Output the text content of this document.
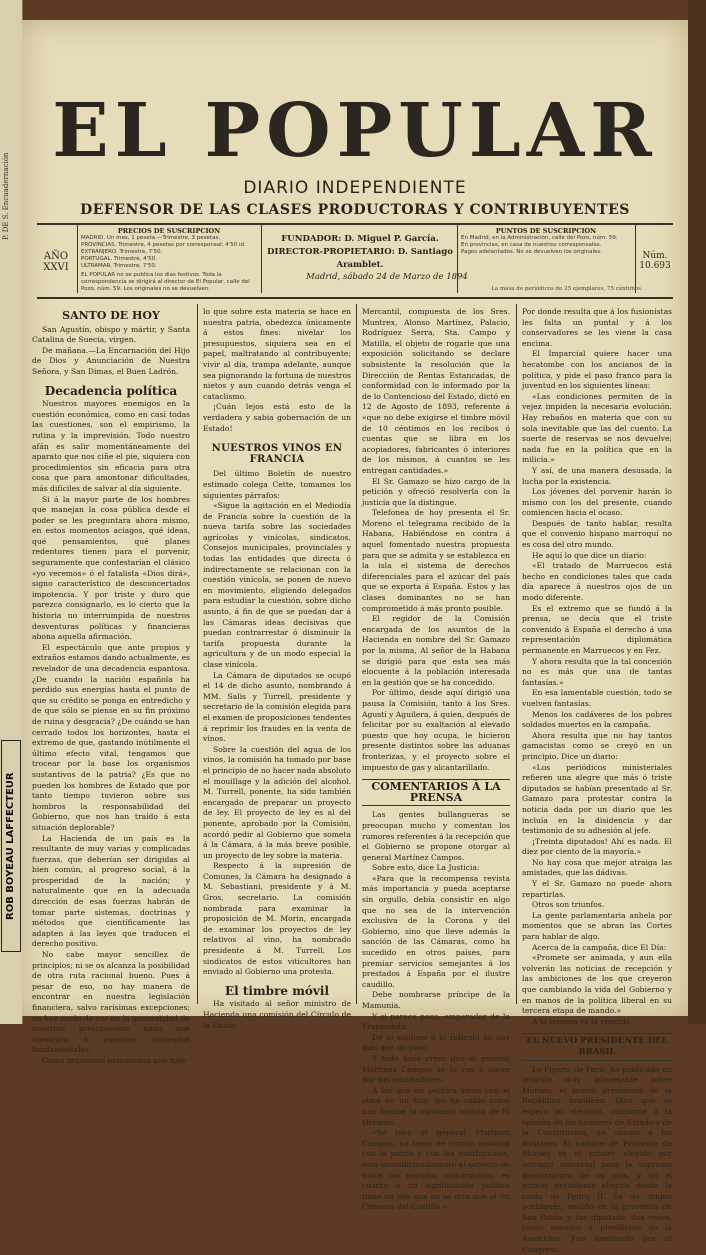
P. DE S. Encuadernación
ROB BOYEAU LAFFECTEUR
EL POPULAR
DIARIO INDEPENDIENTE
DEFENSOR DE LAS CLASES PRODUCTORAS Y CONTRIBUYENTES
AÑO XXVI
PRECIOS DE SUSCRIPCION
MADRID. Un mes, 1 peseta.—Trimestre, 3 pesetas.
PROVINCIAS. Trimestre, 4 pesetas por corresponsal; 4'50 id.
EXTRANJERO. Trimestre, 7'50.
PORTUGAL. Trimestre, 4'50.
ULTRAMAR. Trimestre, 7'50.
EL POPULAR no se publica los días festivos. Toda la correspondencia se dirigirá al director de El Popular, calle del Pozo, núm. 59. Los originales no se devuelven.
FUNDADOR: D. Miguel P. García.
DIRECTOR-PROPIETARIO: D. Santiago Aramblet.
PUNTOS DE SUSCRIPCION
En Madrid, en la Administración, calle del Pozo, núm. 59.
En provincias, en casa de nuestros corresponsales.
Pagos adelantados. No se devuelven los originales.	Núm. 10.693
Madrid, sábado 24 de Marzo de 1894
La masa de periódicos de 25 ejemplares, 75 céntimos.
SANTO DE HOY

San Agustín, obispo y mártir, y Santa Catalina de Suecia, virgen.

De mañana.—La Encarnación del Hijo de Dios y Anunciación de Nuestra Señora, y San Dimas, el Buen Ladrón.

Decadencia política

Nuestros mayores enemigos en la cuestión económica, como en casi todas las cuestiones, son el empirismo, la rutina y la imprevisión. Todo nuestro afán es salir momentáneamente del aparato que nos ciñe el pie, siquiera con procedimientos sin eficacia para otra cosa que para amontonar dificultades, más difíciles de salvar al día siguiente.

Si á la mayor parte de los hombres que manejan la cosa pública desde el poder se les preguntara ahora mismo, en estos momentos aciagos, qué ideas, qué pensamientos, qué planes redentores tienen para el porvenir, seguramente que contestarían el clásico «yo veremos» ó el fatalista «Dios dirá», signo característico de desconcertados impotencia. Y por triste y duro que parezca consignarlo, es lo cierto que la historia no interrumpida de nuestros desventuras políticas y financieras abona aquella afirmación.

El espectáculo que ante propios y extraños estamos dando actualmente, es revelador de una decadencia espantosa. ¿De cuando la nación española ha perdido sus energías hasta el punto de que su crédito se ponga en entredicho y de que sólo se piense en su fin próximo de ruina y desgracia? ¿De cuándo se han cerrado todos los horizontes, hasta el extremo de que, gastando inútilmente el último efecto vital, tengamos que trocear por la base los organismos sustantivos de la patria? ¿Es que no pueden los hombres de Estado que por tanto tiempo tuvieron sobre sus hombros la responsabilidad del Gobierno, que nos han traído á esta situación deplorable?

La Hacienda de un país es la resultante de muy varias y complicadas fuerzas, que deberían ser dirigidas al bien común, al progreso social, á la prosperidad de la nación; y naturalmente que en la adecuada dirección de esas fuerzas habrán de tomar parte sistemas, doctrinas y métodos que científicamente las adapten á las leyes que traducen el derecho positivo.

No cabe mayor sencillez de principios; ni se os alcanza la posibilidad de otra ruta racional bueno. Pues á pesar de eso, no hay manera de encontrar en nuestra legislación financiera, salvo rarísimas excepciones; no hay modo de ver en la generalidad de nuestros presupuestos nada que obedezca á aquellos conceptos fundamentales.

Gama impresión penosísima que todo

lo que sobre esta materia se hace en nuestra patria, obedezca únicamente á estos fines: nivelar los presupuestos, siquiera sea en el papel, maltratando al contribuyente; vivir al día, trampa adelante, aunque sea pignorando la fortuna de nuestros nietos y aun cuando detrás venga el cataclismo.

¡Cuán lejos está esto de la verdadera y sabia gobernación de un Estado!

NUESTROS VINOS EN FRANCIA

Del último Boletín de nuestro estimado colega Cette, tomamos los siguientes párrafos:

«Sigue la agitación en el Mediodía de Francia sobre la cuestión de la nueva tarifa sobre las sociedades agrícolas y vinícolas, sindicatos, Consejos municipales, provinciales y todas las entidades que directa ó indirectamente se relacionan con la cuestión vinícola, se ponen de nuevo en movimiento, eligiendo delegados para estudiar la cuestión, sobre dicho asunto, á fin de que se puedan dar á las Cámaras ideas decisivas que puedan contrarrestar ó disminuir la tarifa propuesta durante la agricultura y de un modo especial la clase vinícola.

La Cámara de diputados se ocupó el 14 de dicho asunto, nombrando á MM. Salis y Turrell, presidente y secretario de la comisión elegida para el examen de proposiciones tendentes á reprimir los fraudes en la venta de vinos.

Sobre la cuestión del agua de los vinos, la comisión ha tomado por base el principio de no hacer nada absoluto el mouillage y la adición del alcohol. M. Turrell, ponente, ha sido también encargado de preparar un proyecto de ley. El proyecto de ley es al del ponente, aprobado por la Comisión, acordó pedir al Gobierno que someta á la Cámara, á la más breve posible, un proyecto de ley sobre la materia.

Respecto á la supresión de Comunes, la Cámara ha designado á M. Sebastiani, presidente y á M. Gros, secretario. La comisión nombrada para examinar la proposición de M. Morin, encargada de examinar los proyectos de ley relativos al vino, ha nombrado presidente á M. Turrell. Los sindicatos de estos viticultores han enviado al Gobierno una protesta.

El timbre móvil

Ha visitado al señor ministro de Hacienda una comisión del Círculo de la Unión

Mercantil, compuesta de los Sres. Muntrex, Alonso Martínez, Palacio, Rodríguez Serra, Sta. Campo y Matilla, el objeto de rogarle que una exposición solicitando se declare subsistente la resolución que la Dirección de Rentas Estancadas, de conformidad con lo informado por la de lo Contencioso del Estado, dictó en 12 de Agosto de 1893, referente á «que no debe exigirse el timbre móvil de 10 céntimos en los recibos ó cuentas que se libra en los acopiadores, fabricantes ó interiores de los mismos, á cuantos se les entregan cantidades.»

El Sr. Gamazo se hizo cargo de la petición y ofreció resolverla con la justicia que la distingue.

Telefonea de hoy presenta el Sr. Moreno el telegrama recibido de la Habana, Habiéndose en contra á aquel fomentado nuestra propuesta para que se admita y se establezca en la isla el sistema de derechos diferenciales para el azúcar del país que se exporta á España. Estos y las clases dominantes no se han comprometido á más pronto posible.

El regidor de la Comisión encargada de los asuntos de la Hacienda en nombre del Sr. Gamazo por la misma, Al señor de la Habana se dirigió para que esta sea más elocuente á la población interesada en la gestión que se ha concedido.

Por último, desde aquí dirigió una pausa la Comisión, tanto á los Sres. Agustí y Aguilera, á quien, después de felicitar por su exaltación al elevado puesto que hoy ocupa, le hicieron presente distintos sobre las aduanas fronterizas, y el proyecto sobre el impuesto de gas y alcantarillado.

COMENTARIOS Á LA PRENSA

Las gentes bullangueras se preocupan mucho y comentan los rumores referentes á la recepción que el Gobierno se propone otorgar al general Martínez Campos.

Sobre esto, dice La Justicia:

«Para que la recompensa revista más importancia y pueda aceptarse sin orgullo, debía consistir en algo que no sea de la intervención exclusiva de la Corona y del Gobierno, sino que lleve además la sanción de las Cámaras, como ha sucedido en otros países, para premiar servicios semejantes á los prestados á España por el ilustre caudillo.

Debe nombrarse príncipe de la Mamunia.

Y si parece poco, emperador de la Trapisonda.

De lo sublime á lo ridículo no hay más que un paso.

Y todo hace creer que el general Martínez Campos se lo van á hacer dar sus admiradores.

A los que en política viven con el alma en un hilo, les ha caído como una bomba la siguiente noticia de El Heraldo:

«Sé bien el general Martínez Campos, no tiene de común relación con la patria y con las instituciones, está incondicionalmente al servicio de todos los partidos monárquicos, es cuanto a un significación política tiene un jefe que no se otra que al Sr. Cánovas del Castillo.»

Por donde resulta que á los fusionistas les falta un puntal y á los conservadores se les viene la casa encima.

El Imparcial quiere hacer una hecatombe con los ancianos de la política, y pide el paso franco para la juventud en los siguientes líneas:

«Las condiciones permiten de la vejez impiden la necesaria evolución. Hay rebaños en materia que con su sola inevitable que las del cuento. La suerte de reservas se nos devuelve; nada fue en la política que en la milicia.»

Y así, de una manera desusada, la lucha por la existencia.

Los jóvenes del porvenir harán lo mismo con los del presente, cuando comiencen hacia el ocaso.

Después de tanto hablar, resulta que el convenio hispano marroquí no es cosa del otro mundo.

He aquí lo que dice un diario:

«El tratado de Marruecos está hecho en condiciones tales que cada día aparece á nuestros ojos de un modo diferente.

Es el extremo que se fundó á la prensa, se decía que el triste convenido á España el derecho á una representación diplomática permanente en Marruecos y en Fez.

Y ahora resulta que la tal concesión no es más que una de tantas fantasías.»

En esa lamentable cuestión, todo se vuelven fantasías.

Menos los cadáveres de los pobres soldados muertos en la campaña.

Ahora resulta que no hay tantos gamacistas como se creyó en un principio. Dice un diario:

«Los periódicos ministeriales refieren una alegre que más ó triste diputados se habían presentado al Sr. Gamazo para protestar contra la noticia dada por un diario que les incluía en la disidencia y dar testimonio de su adhesión al jefe.

¡Treinta diputados! Ahí es nada. El diez por ciento de la mayoría.»

No hay cosa que mejor atraiga las amistades, que las dádivas.

Y el Sr. Gamazo no puede ahora repartirlas.

Otros son triunfos.

La gente parlamentaria anhela por momentos que se abran las Cortes para hablar de algo.

Acerca de la campaña, dice El Día:

«Promete ser animada, y aun ella volverán las noticias de recepción y las ambiciones de los que creyeron que cambiando la vida del Gobierno y en manos de la política liberal en su tercera etapa de mando.»

A la tercera va la vencida.

EL NUEVO PRESIDENTE DEL BRASIL

Le Figaro, de París, ha publicado un artículo muy interesante sobre Moraes, el nuevo presidente de la República brasileña. Dice que se espera su elección, conforme á la opinión de los hombres de Estado y de la Constitución, en cuanto á los militares. El nombre de Prudente de Moraes es el primer elegido por sufragio universal para la suprema magistratura de su país, y no el primer presidente elegido desde la caída de Pedro II. Es de origen portugués, nacido en la provincia de San Pablo, y fue diputado, dos veces, luego senador y presidente de la Asamblea. Fue nombrado por el Congreso.
